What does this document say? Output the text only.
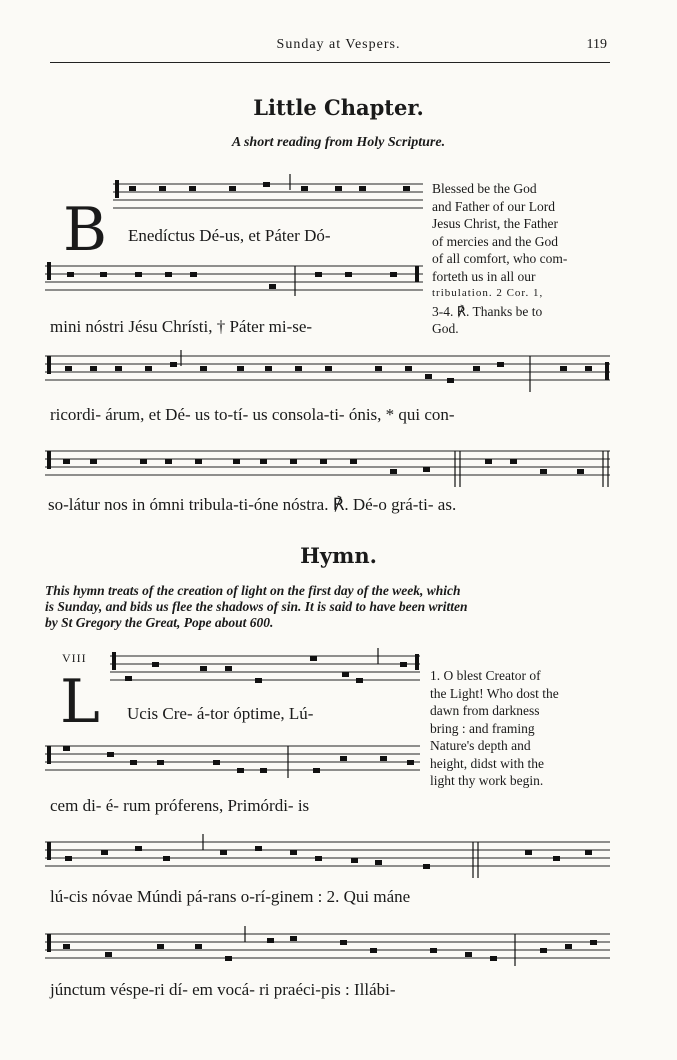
Sunday at Vespers.	119
Little Chapter.
A short reading from Holy Scripture.
B Enedíctus Dé-us, et Páter Dó-
mini nóstri Jésu Chrísti, † Páter mi-se-
Blessed be the God
and Father of our Lord
Jesus Christ, the Father
of mercies and the God
of all comfort, who com-
forteth us in all our
tribulation. 2 Cor. 1,
3-4. ℟. Thanks be to
God.
ricordi- árum, et Dé- us to-tí- us consola-ti- ónis, * qui con-
so-látur nos in ómni tribula-ti-óne nóstra. ℟. Dé-o grá-ti- as.
Hymn.
This hymn treats of the creation of light on the first day of the week, which
is Sunday, and bids us flee the shadows of sin. It is said to have been written
by St Gregory the Great, Pope about 600.
VIII
L Ucis Cre- á-tor óptime, Lú-
1. O blest Creator of
the Light! Who dost the
dawn from darkness
bring : and framing
Nature's depth and
height, didst with the
light thy work begin.
cem di- é- rum próferens, Primórdi- is
lú-cis nóvae Múndi pá-rans o-rí-ginem : 2. Qui máne
júnctum véspe-ri dí- em vocá- ri praéci-pis : Illábi-
